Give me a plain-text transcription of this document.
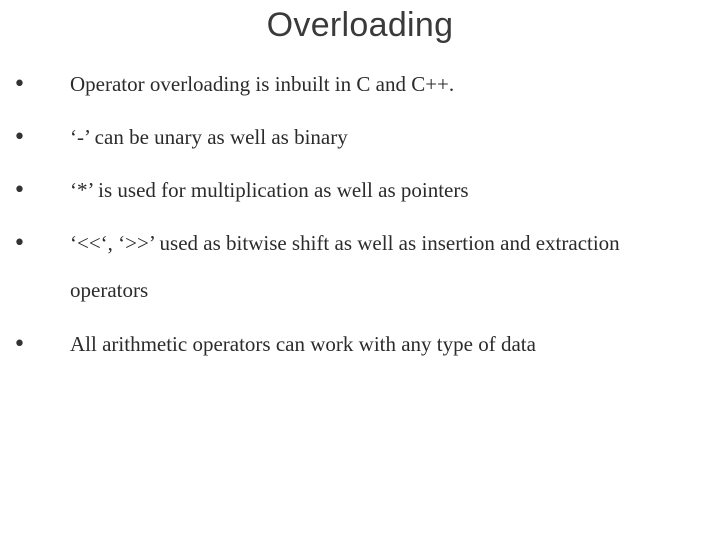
Overloading
• Operator overloading is inbuilt in C and C++.
• ‘-’ can be unary as well as binary
• ‘*’ is used for multiplication as well as pointers
• ‘<<‘, ‘>>’ used as bitwise shift as well as insertion and extraction operators
• All arithmetic operators can work with any type of data
